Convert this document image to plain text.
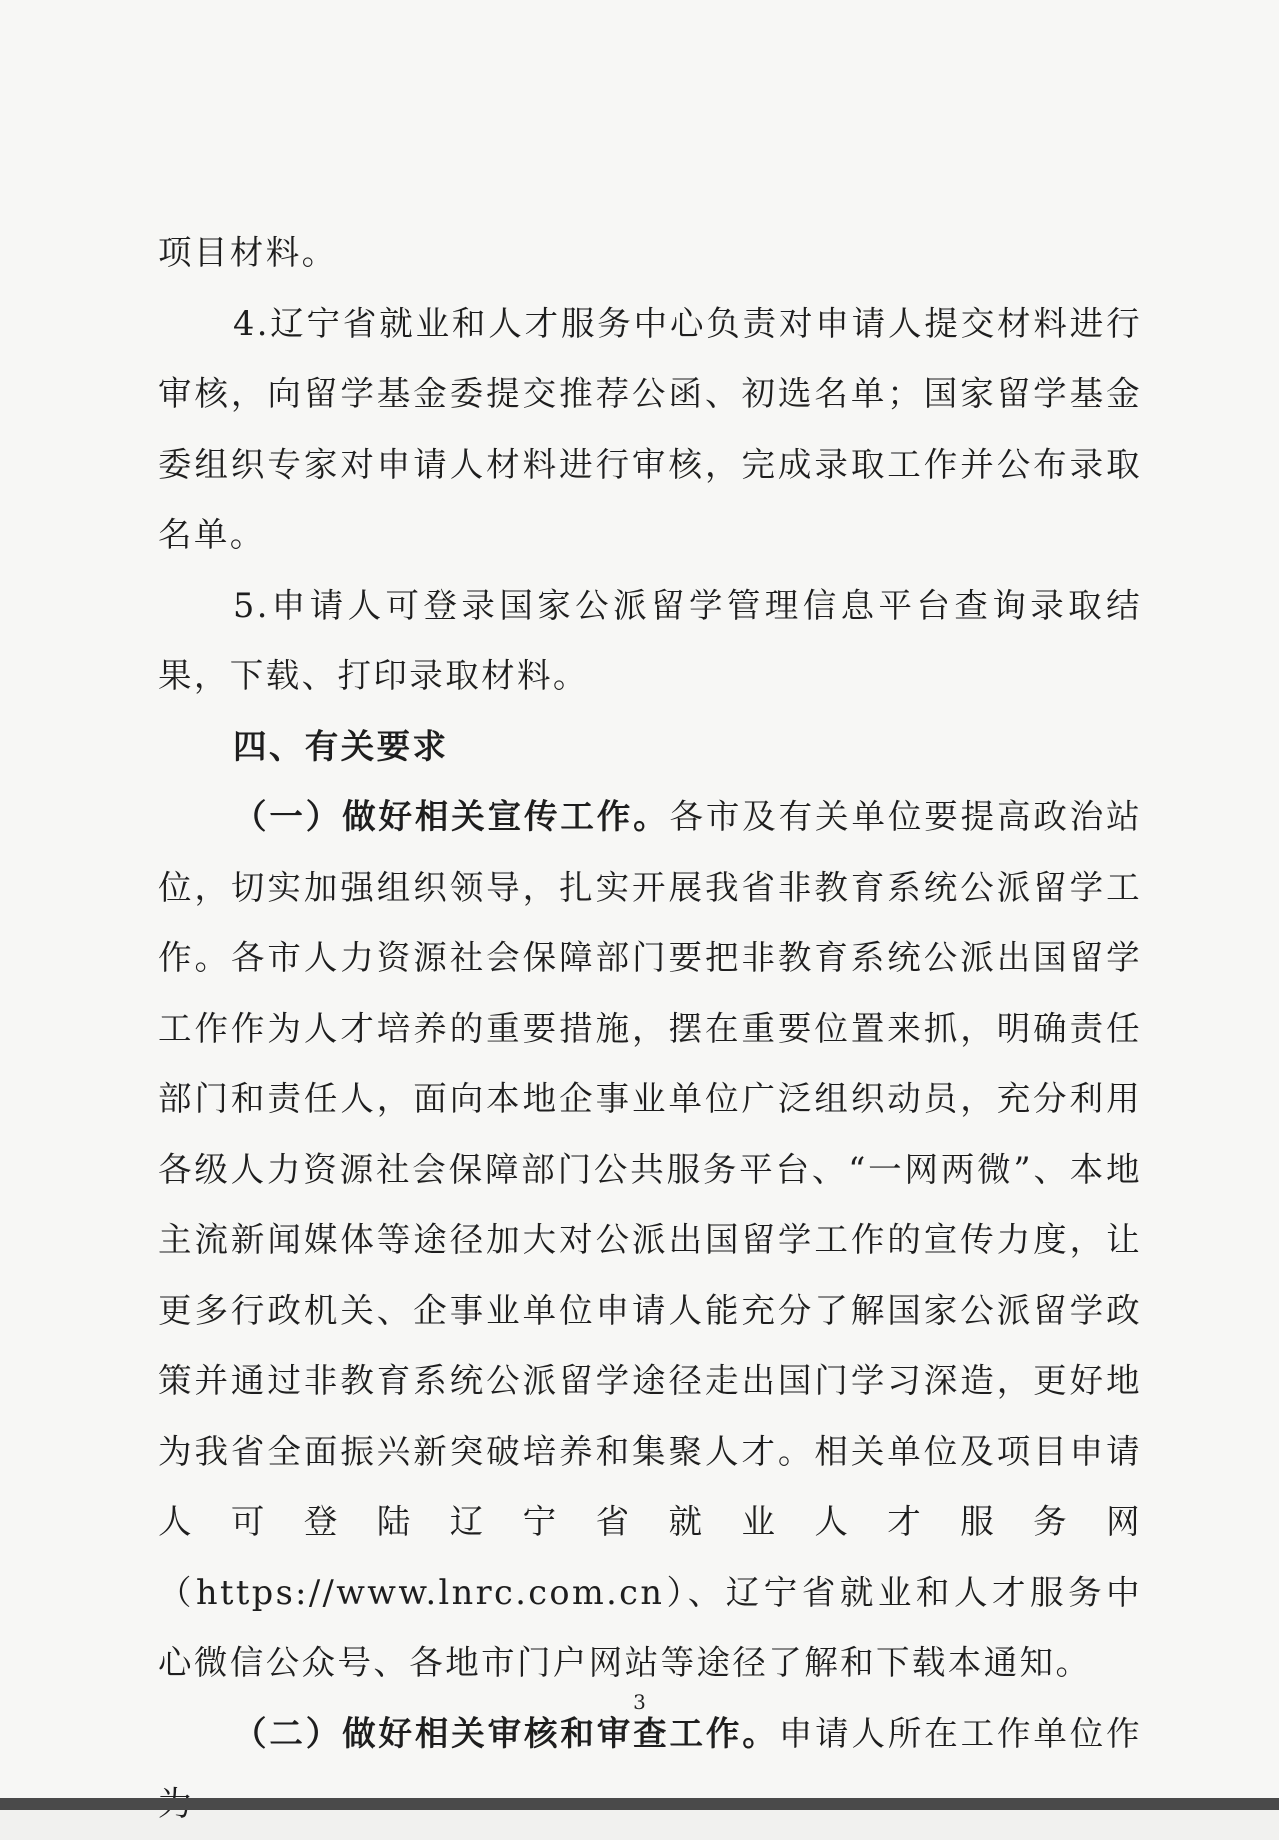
项目材料。

4.辽宁省就业和人才服务中心负责对申请人提交材料进行审核，向留学基金委提交推荐公函、初选名单；国家留学基金委组织专家对申请人材料进行审核，完成录取工作并公布录取名单。

5.申请人可登录国家公派留学管理信息平台查询录取结果，下载、打印录取材料。

四、有关要求

（一）做好相关宣传工作。各市及有关单位要提高政治站位，切实加强组织领导，扎实开展我省非教育系统公派留学工作。各市人力资源社会保障部门要把非教育系统公派出国留学工作作为人才培养的重要措施，摆在重要位置来抓，明确责任部门和责任人，面向本地企事业单位广泛组织动员，充分利用各级人力资源社会保障部门公共服务平台、“一网两微”、本地主流新闻媒体等途径加大对公派出国留学工作的宣传力度，让更多行政机关、企事业单位申请人能充分了解国家公派留学政策并通过非教育系统公派留学途径走出国门学习深造，更好地为我省全面振兴新突破培养和集聚人才。相关单位及项目申请人可登陆辽宁省就业人才服务网（https://www.lnrc.com.cn）、辽宁省就业和人才服务中心微信公众号、各地市门户网站等途径了解和下载本通知。

（二）做好相关审核和审查工作。申请人所在工作单位作

3
